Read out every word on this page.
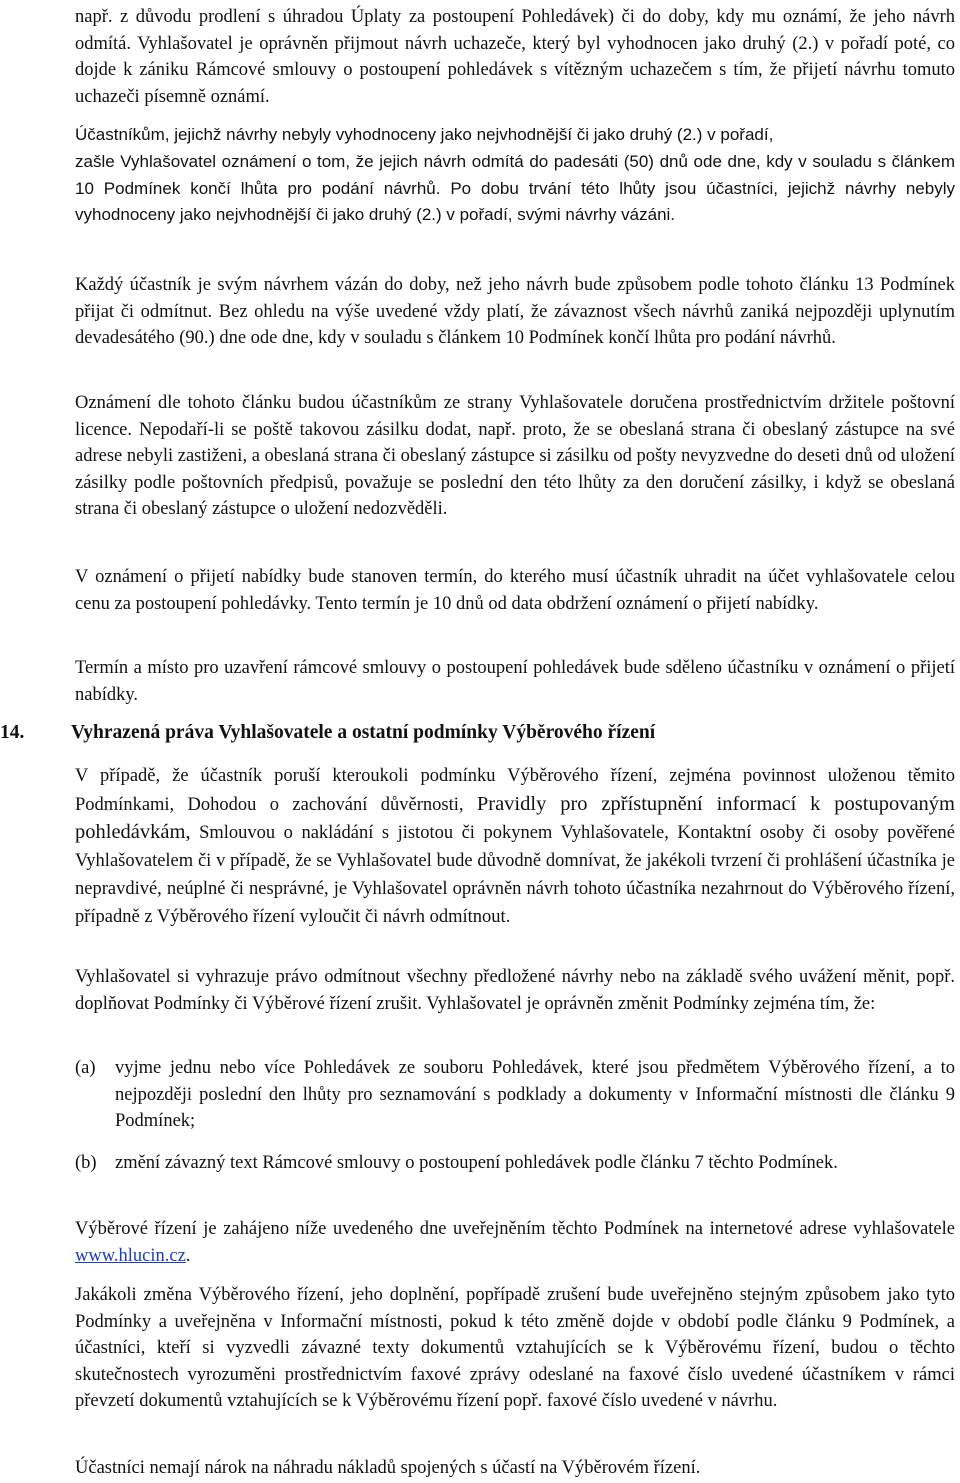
např. z důvodu prodlení s úhradou Úplaty za postoupení Pohledávek) či do doby, kdy mu oznámí, že jeho návrh odmítá. Vyhlašovatel je oprávněn přijmout návrh uchazeče, který byl vyhodnocen jako druhý (2.) v pořadí poté, co dojde k zániku Rámcové smlouvy o postoupení pohledávek s vítězným uchazečem s tím, že přijetí návrhu tomuto uchazeči písemně oznámí.

Účastníkům, jejichž návrhy nebyly vyhodnoceny jako nejvhodnější či jako druhý (2.) v pořadí,

zašle Vyhlašovatel oznámení o tom, že jejich návrh odmítá do padesáti (50) dnů ode dne, kdy v souladu s článkem 10 Podmínek končí lhůta pro podání návrhů. Po dobu trvání této lhůty jsou účastníci, jejichž návrhy nebyly vyhodnoceny jako nejvhodnější či jako druhý (2.) v pořadí, svými návrhy vázáni.

Každý účastník je svým návrhem vázán do doby, než jeho návrh bude způsobem podle tohoto článku 13 Podmínek přijat či odmítnut. Bez ohledu na výše uvedené vždy platí, že závaznost všech návrhů zaniká nejpozději uplynutím devadesátého (90.) dne ode dne, kdy v souladu s článkem 10 Podmínek končí lhůta pro podání návrhů.

Oznámení dle tohoto článku budou účastníkům ze strany Vyhlašovatele doručena prostřednictvím držitele poštovní licence. Nepodaří-li se poště takovou zásilku dodat, např. proto, že se obeslaná strana či obeslaný zástupce na své adrese nebyli zastiženi, a obeslaná strana či obeslaný zástupce si zásilku od pošty nevyzvedne do deseti dnů od uložení zásilky podle poštovních předpisů, považuje se poslední den této lhůty za den doručení zásilky, i když se obeslaná strana či obeslaný zástupce o uložení nedozvěděli.

V oznámení o přijetí nabídky bude stanoven termín, do kterého musí účastník uhradit na účet vyhlašovatele celou cenu za postoupení pohledávky. Tento termín je 10 dnů od data obdržení oznámení o přijetí nabídky.

Termín a místo pro uzavření rámcové smlouvy o postoupení pohledávek bude sděleno účastníku v oznámení o přijetí nabídky.

14. Vyhrazená práva Vyhlašovatele a ostatní podmínky Výběrového řízení

V případě, že účastník poruší kteroukoli podmínku Výběrového řízení, zejména povinnost uloženou těmito Podmínkami, Dohodou o zachování důvěrnosti, Pravidly pro zpřístupnění informací k postupovaným pohledávkám, Smlouvou o nakládání s jistotou či pokynem Vyhlašovatele, Kontaktní osoby či osoby pověřené Vyhlašovatelem či v případě, že se Vyhlašovatel bude důvodně domnívat, že jakékoli tvrzení či prohlášení účastníka je nepravdivé, neúplné či nesprávné, je Vyhlašovatel oprávněn návrh tohoto účastníka nezahrnout do Výběrového řízení, případně z Výběrového řízení vyloučit či návrh odmítnout.

Vyhlašovatel si vyhrazuje právo odmítnout všechny předložené návrhy nebo na základě svého uvážení měnit, popř. doplňovat Podmínky či Výběrové řízení zrušit. Vyhlašovatel je oprávněn změnit Podmínky zejména tím, že:

(a) vyjme jednu nebo více Pohledávek ze souboru Pohledávek, které jsou předmětem Výběrového řízení, a to nejpozději poslední den lhůty pro seznamování s podklady a dokumenty v Informační místnosti dle článku 9 Podmínek;
(b) změní závazný text Rámcové smlouvy o postoupení pohledávek podle článku 7 těchto Podmínek.

Výběrové řízení je zahájeno níže uvedeného dne uveřejněním těchto Podmínek na internetové adrese vyhlašovatele www.hlucin.cz.

Jakákoli změna Výběrového řízení, jeho doplnění, popřípadě zrušení bude uveřejněno stejným způsobem jako tyto Podmínky a uveřejněna v Informační místnosti, pokud k této změně dojde v období podle článku 9 Podmínek, a účastníci, kteří si vyzvedli závazné texty dokumentů vztahujících se k Výběrovému řízení, budou o těchto skutečnostech vyrozuměni prostřednictvím faxové zprávy odeslané na faxové číslo uvedené účastníkem v rámci převzetí dokumentů vztahujících se k Výběrovému řízení popř. faxové číslo uvedené v návrhu.

Účastníci nemají nárok na náhradu nákladů spojených s účastí na Výběrovém řízení.
